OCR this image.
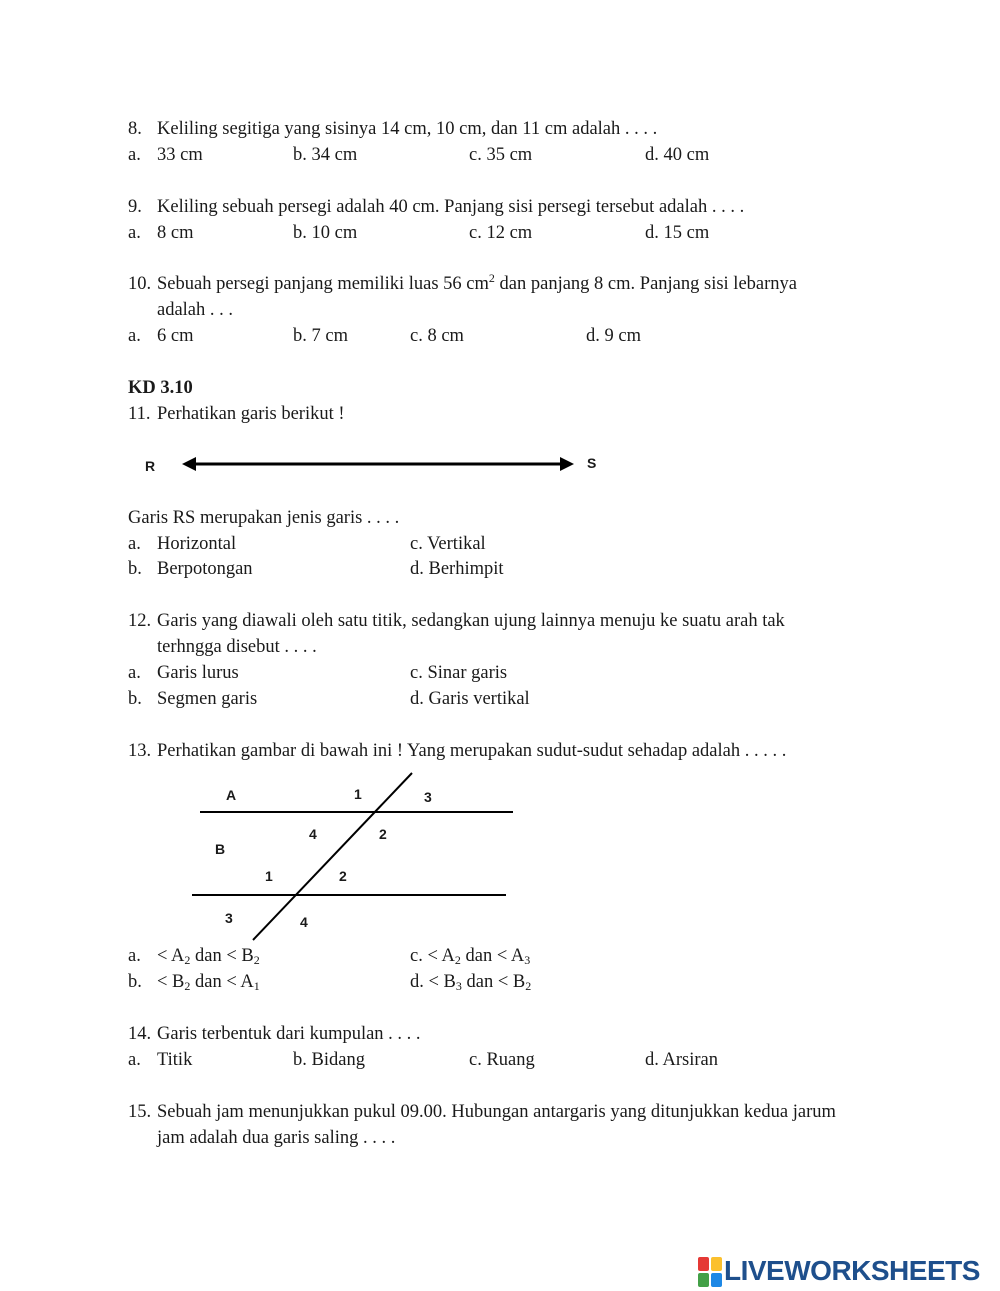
8. Keliling segitiga yang sisinya 14 cm, 10 cm, dan 11 cm adalah . . . .
a. 33 cm	b. 34 cm	c. 35 cm	d. 40 cm
9. Keliling sebuah persegi adalah 40 cm. Panjang sisi persegi tersebut adalah . . . .
a. 8 cm	b. 10 cm	c. 12 cm	d. 15 cm
10. Sebuah persegi panjang memiliki luas 56 $cm^2$ dan panjang 8 cm. Panjang sisi lebarnya
adalah . . .
a. 6 cm	b. 7 cm	c. 8 cm	d. 9 cm
KD 3.10
11. Perhatikan garis berikut !
R	S
Garis RS merupakan jenis garis . . . .
a. Horizontal	c. Vertikal
b. Berpotongan	d. Berhimpit
12. Garis yang diawali oleh satu titik, sedangkan ujung lainnya menuju ke suatu arah tak
terhngga disebut . . . .
a. Garis lurus	c. Sinar garis
b. Segmen garis	d. Garis vertikal
13. Perhatikan gambar di bawah ini ! Yang merupakan sudut-sudut sehadap adalah . . . . .
A	1	3
4	2
B
1	2
3	4
a. < $A_2$ dan < $B_2$	c. < $A_2$ dan < $A_3$
b. < $B_2$ dan < $A_1$	d. < $B_3$ dan < $B_2$
14. Garis terbentuk dari kumpulan . . . .
a. Titik	b. Bidang	c. Ruang	d. Arsiran
15. Sebuah jam menunjukkan pukul 09.00. Hubungan antargaris yang ditunjukkan kedua jarum
jam adalah dua garis saling . . . .
LIVEWORKSHEETS
